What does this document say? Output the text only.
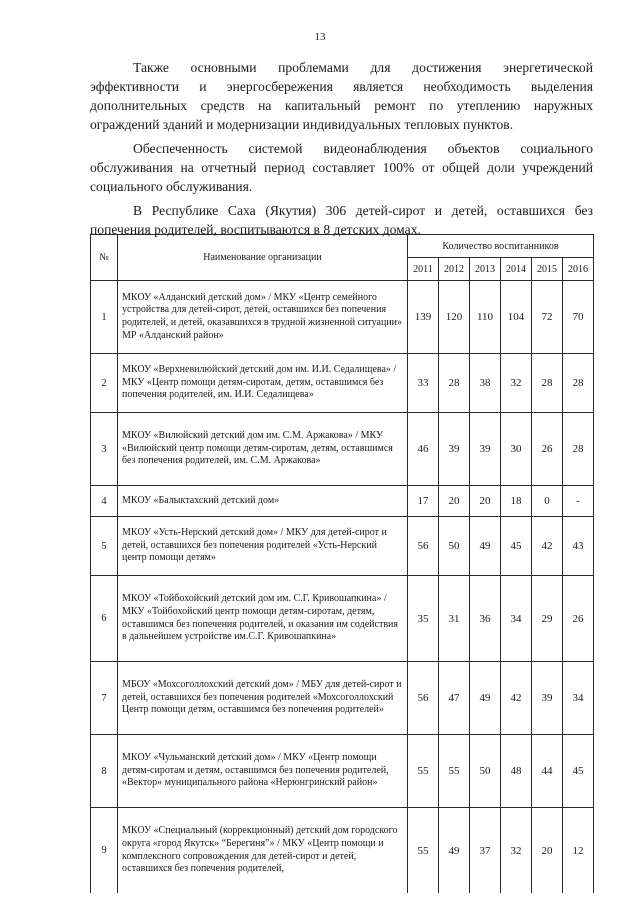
13

Также основными проблемами для достижения энергетической эффективности и энергосбережения является необходимость выделения дополнительных средств на капитальный ремонт по утеплению наружных ограждений зданий и модернизации индивидуальных тепловых пунктов.

Обеспеченность системой видеонаблюдения объектов социального обслуживания на отчетный период составляет 100% от общей доли учреждений социального обслуживания.

В Республике Саха (Якутия) 306 детей-сирот и детей, оставшихся без попечения родителей, воспитываются в 8 детских домах.

№	Наименование организации	Количество воспитанников					
		2011	2012	2013	2014	2015	2016
1	МКОУ «Алданский детский дом» / МКУ «Центр семейного устройства для детей-сирот, детей, оставшихся без попечения родителей, и детей, оказавшихся в трудной жизненной ситуации» МР «Алданский район»	139	120	110	104	72	70
2	МКОУ «Верхневилюйский детский дом им. И.И. Седалищева» / МКУ «Центр помощи детям-сиротам, детям, оставшимся без попечения родителей, им. И.И. Седалищева»	33	28	38	32	28	28
3	МКОУ «Вилюйский детский дом им. С.М. Аржакова» / МКУ «Вилюйский центр помощи детям-сиротам, детям, оставшимся без попечения родителей, им. С.М. Аржакова»	46	39	39	30	26	28
4	МКОУ «Балыктахский детский дом»	17	20	20	18	0	-
5	МКОУ «Усть-Нерский детский дом» / МКУ для детей-сирот и детей, оставшихся без попечения родителей «Усть-Нерский центр помощи детям»	56	50	49	45	42	43
6	МКОУ «Тойбохойский детский дом им. С.Г. Кривошапкина» / МКУ «Тойбохойский центр помощи детям-сиротам, детям, оставшимся без попечения родителей, и оказания им содействия в дальнейшем устройстве им.С.Г. Кривошапкина»	35	31	36	34	29	26
7	МБОУ «Мохсоголлохский детский дом» / МБУ для детей-сирот и детей, оставшихся без попечения родителей «Мохсоголлохский Центр помощи детям, оставшимся без попечения родителей»	56	47	49	42	39	34
8	МКОУ «Чульманский детский дом» / МКУ «Центр помощи детям-сиротам и детям, оставшимся без попечения родителей, «Вектор» муниципального района «Нерюнгринский район»	55	55	50	48	44	45
9	МКОУ «Специальный (коррекционный) детский дом городского округа «город Якутск» “Берегиня”» / МКУ «Центр помощи и комплексного сопровождения для детей-сирот и детей, оставшихся без попечения родителей,	55	49	37	32	20	12
